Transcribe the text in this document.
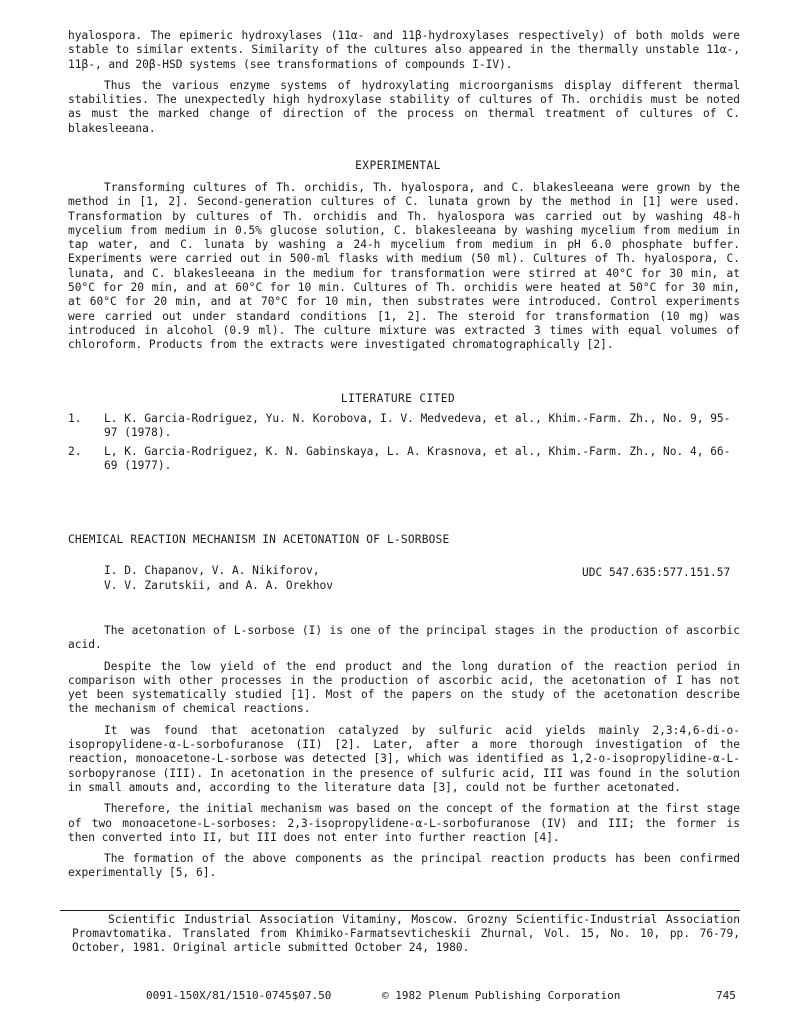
hyalospora. The epimeric hydroxylases (11α- and 11β-hydroxylases respectively) of both molds were stable to similar extents. Similarity of the cultures also appeared in the thermally unstable 11α-, 11β-, and 20β-HSD systems (see transformations of compounds I-IV).

Thus the various enzyme systems of hydroxylating microorganisms display different thermal stabilities. The unexpectedly high hydroxylase stability of cultures of Th. orchidis must be noted as must the marked change of direction of the process on thermal treatment of cultures of C. blakesleeana.

EXPERIMENTAL

Transforming cultures of Th. orchidis, Th. hyalospora, and C. blakesleeana were grown by the method in [1, 2]. Second-generation cultures of C. lunata grown by the method in [1] were used. Transformation by cultures of Th. orchidis and Th. hyalospora was carried out by washing 48-h mycelium from medium in 0.5% glucose solution, C. blakesleeana by washing mycelium from medium in tap water, and C. lunata by washing a 24-h mycelium from medium in pH 6.0 phosphate buffer. Experiments were carried out in 500-ml flasks with medium (50 ml). Cultures of Th. hyalospora, C. lunata, and C. blakesleeana in the medium for transformation were stirred at 40°C for 30 min, at 50°C for 20 min, and at 60°C for 10 min. Cultures of Th. orchidis were heated at 50°C for 30 min, at 60°C for 20 min, and at 70°C for 10 min, then substrates were introduced. Control experiments were carried out under standard conditions [1, 2]. The steroid for transformation (10 mg) was introduced in alcohol (0.9 ml). The culture mixture was extracted 3 times with equal volumes of chloroform. Products from the extracts were investigated chromatographically [2].

LITERATURE CITED
1.	L. K. Garcia-Rodriguez, Yu. N. Korobova, I. V. Medvedeva, et al., Khim.-Farm. Zh., No. 9, 95-97 (1978).
2.	L, K. Garcia-Rodriguez, K. N. Gabinskaya, L. A. Krasnova, et al., Khim.-Farm. Zh., No. 4, 66-69 (1977).
CHEMICAL REACTION MECHANISM IN ACETONATION OF L-SORBOSE
I. D. Chapanov, V. A. Nikiforov,
V. V. Zarutskii, and A. A. Orekhov
UDC 547.635:577.151.57

The acetonation of L-sorbose (I) is one of the principal stages in the production of ascorbic acid.

Despite the low yield of the end product and the long duration of the reaction period in comparison with other processes in the production of ascorbic acid, the acetonation of I has not yet been systematically studied [1]. Most of the papers on the study of the acetonation describe the mechanism of chemical reactions.

It was found that acetonation catalyzed by sulfuric acid yields mainly 2,3:4,6-di-o-isopropylidene-α-L-sorbofuranose (II) [2]. Later, after a more thorough investigation of the reaction, monoacetone-L-sorbose was detected [3], which was identified as 1,2-o-isopropylidine-α-L-sorbopyranose (III). In acetonation in the presence of sulfuric acid, III was found in the solution in small amouts and, according to the literature data [3], could not be further acetonated.

Therefore, the initial mechanism was based on the concept of the formation at the first stage of two monoacetone-L-sorboses: 2,3-isopropylidene-α-L-sorbofuranose (IV) and III; the former is then converted into II, but III does not enter into further reaction [4].

The formation of the above components as the principal reaction products has been confirmed experimentally [5, 6].

Scientific Industrial Association Vitaminy, Moscow. Grozny Scientific-Industrial Association Promavtomatika. Translated from Khimiko-Farmatsevticheskii Zhurnal, Vol. 15, No. 10, pp. 76-79, October, 1981. Original article submitted October 24, 1980.
0091-150X/81/1510-0745$07.50	© 1982 Plenum Publishing Corporation	745
